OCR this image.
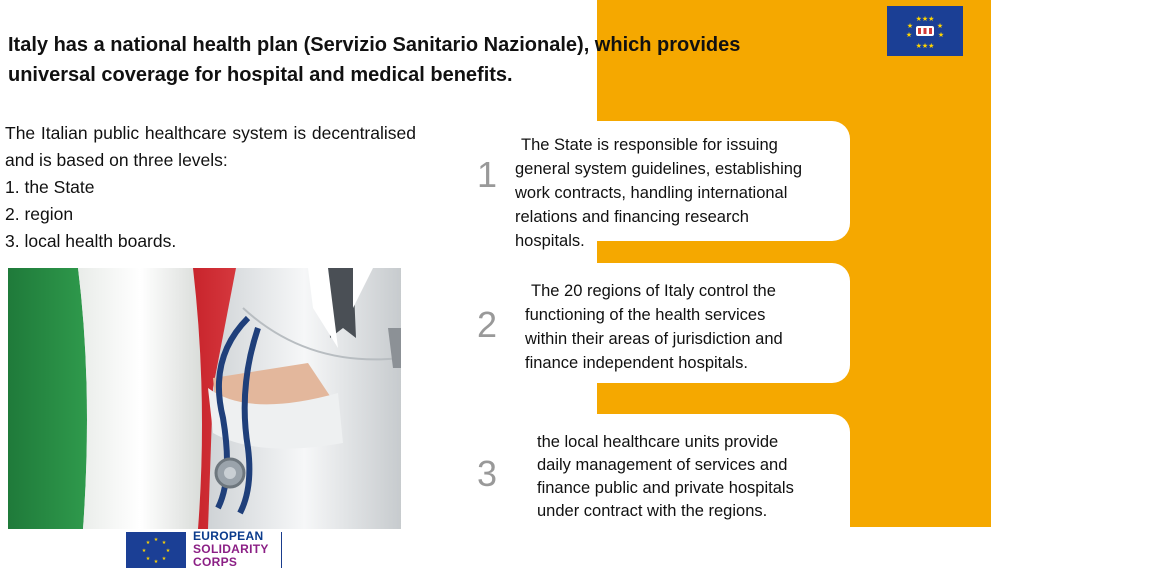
Italy has a national health plan (Servizio Sanitario Nazionale), which provides
universal coverage for hospital and medical benefits.

The Italian public healthcare system is decentralised and is based on three levels:

1. the State
2. region
3. local health boards.
1

The State is responsible for issuing
general system guidelines, establishing
work contracts, handling international
relations and financing research
hospitals.

2

The 20 regions of Italy control the
functioning of the health services
within their areas of jurisdiction and
finance independent hospitals.

3

the local healthcare units provide
daily management of services and
finance public and private hospitals
under contract with the regions.

★★★
★	★
★	★
★★★
★
★ ★
★	★
★ ★
★
EUROPEAN
SOLIDARITY
CORPS
